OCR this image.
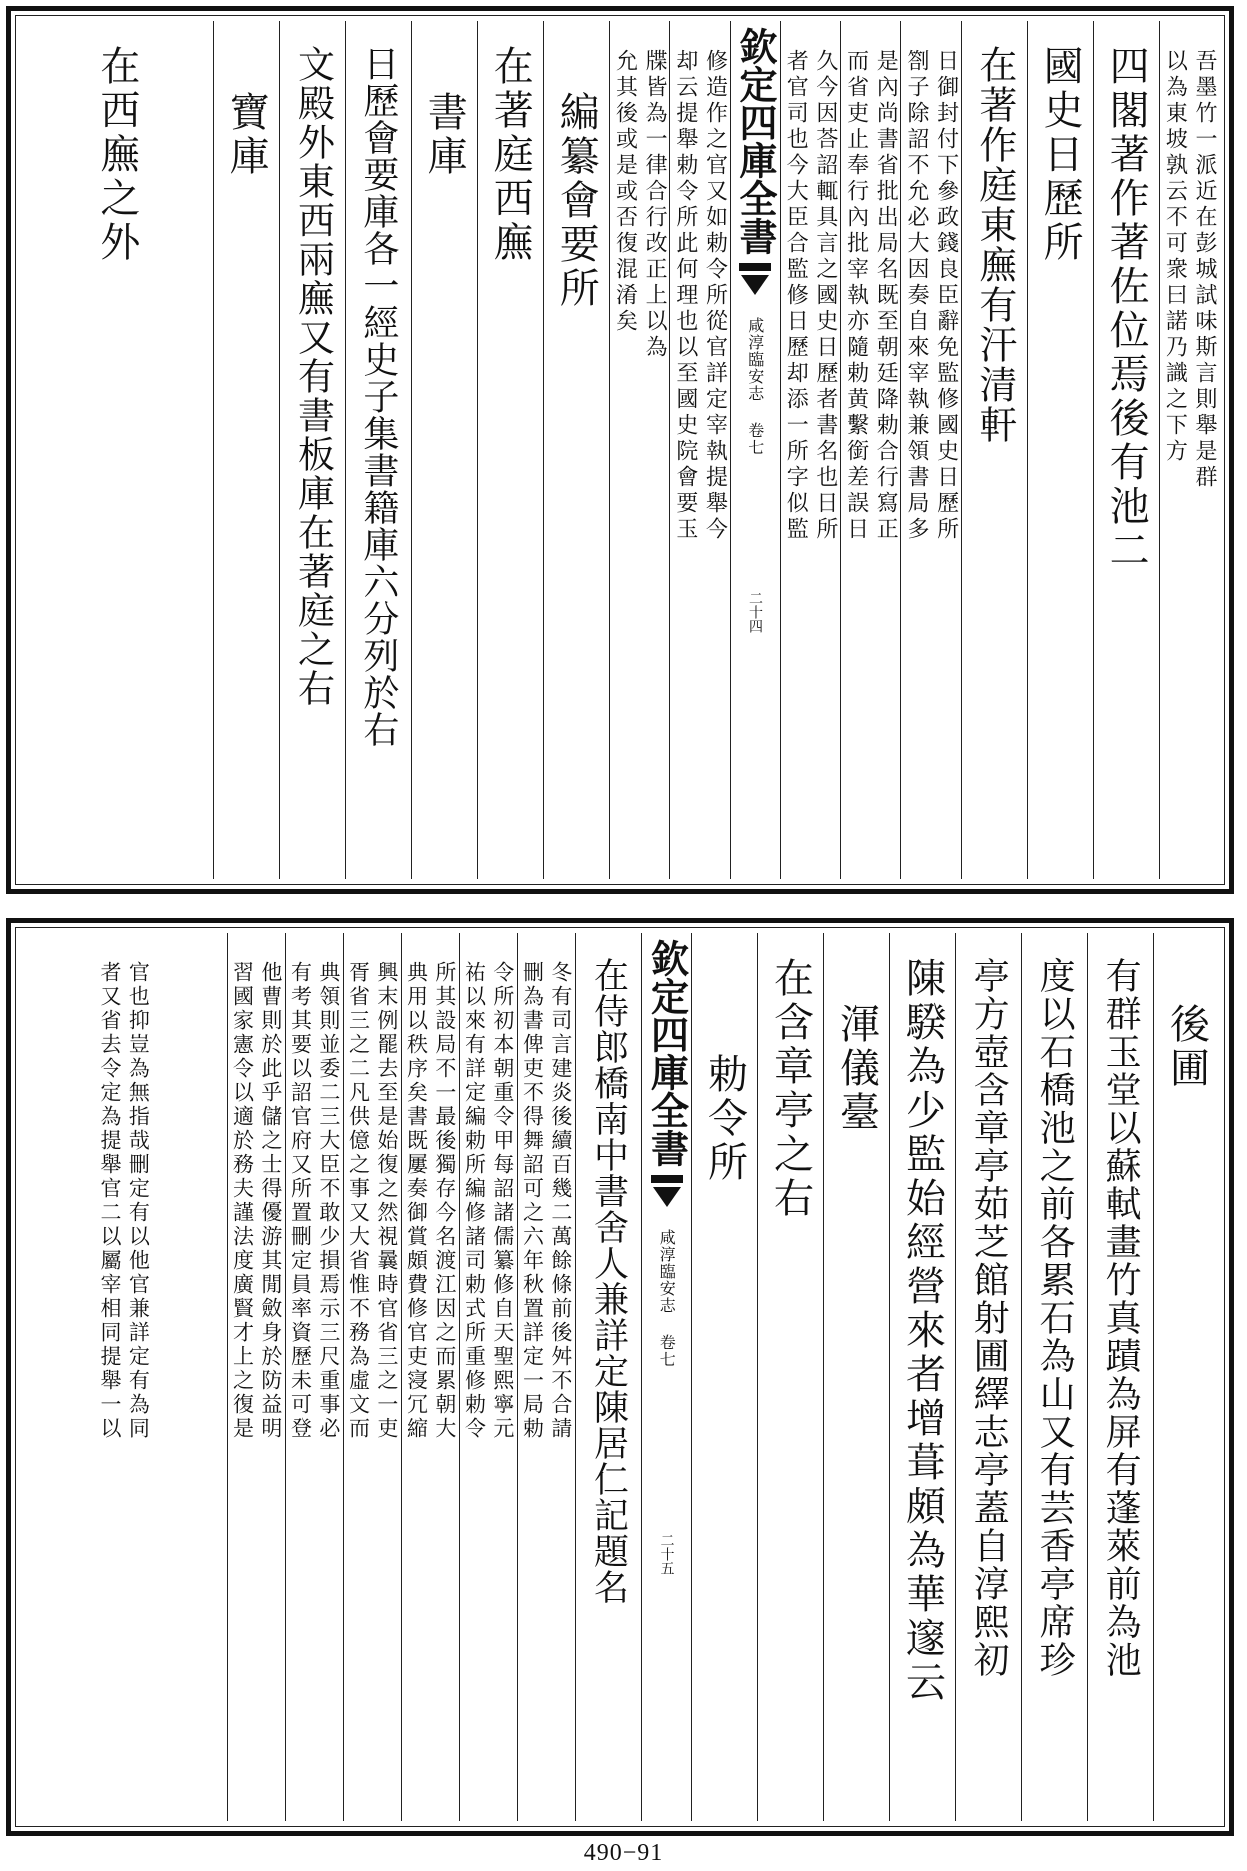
吾墨竹一派近在彭城試味斯言則舉是群
以為東坡孰云不可衆曰諾乃識之下方
四閣著作著佐位焉後有池二
國史日歷所
在著作庭東廡有汗清軒
日御封付下參政錢良臣辭免監修國史日歷所
劄子除詔不允必大因奏自來宰執兼領書局多
是內尚書省批出局名既至朝廷降勅合行寫正
而省吏止奉行內批宰執亦隨勅黄繫銜差誤日
久今因荅詔輒具言之國史日歷者書名也日所
者官司也今大臣合監修日歷却添一所字似監
欽定四庫全書
咸淳臨安志 卷七
二十四
修造作之官又如勅令所從官詳定宰執提舉今
却云提舉勅令所此何理也以至國史院會要玉
牒皆為一律合行改正上以為
允其後或是或否復混淆矣
編纂會要所
在著庭西廡
書庫
日歷會要庫各一經史子集書籍庫六分列於右
文殿外東西兩廡又有書板庫在著庭之右
寶庫
在西廡之外
後圃
有群玉堂以蘇軾畫竹真蹟為屏有蓬萊前為池
度以石橋池之前各累石為山又有芸香亭席珍
亭方壺含章亭茹芝館射圃繹志亭蓋自淳熙初
陳騤為少監始經營來者增葺頗為華邃云
渾儀臺
在含章亭之右
勅令所
欽定四庫全書
咸淳臨安志 卷七
二十五
在侍郎橋南中書舍人兼詳定陳居仁記題名
冬有司言建炎後續百幾二萬餘條前後舛不合請
刪為書俾吏不得舞詔可之六年秋置詳定一局勅
令所初本朝重令甲每詔諸儒纂修自天聖熙寧元
祐以來有詳定編勅所編修諸司勅式所重修勅令
所其設局不一最後獨存今名渡江因之而累朝大
典用以秩序矣書既屢奏御賞頗費修官吏寖冗縮
興末例罷去至是始復之然視曩時官省三之一吏
胥省三之二凡供億之事又大省惟不務為虛文而
典領則並委二三大臣不敢少損焉示三尺重事必
有考其要以詔官府又所置刪定員率資歷未可登
他曹則於此乎儲之士得優游其閒斂身於防益明
習國家憲令以適於務夫謹法度廣賢才上之復是
官也抑豈為無指哉刪定有以他官兼詳定有為同
者又省去令定為提舉官二以屬宰相同提舉一以
490−91
